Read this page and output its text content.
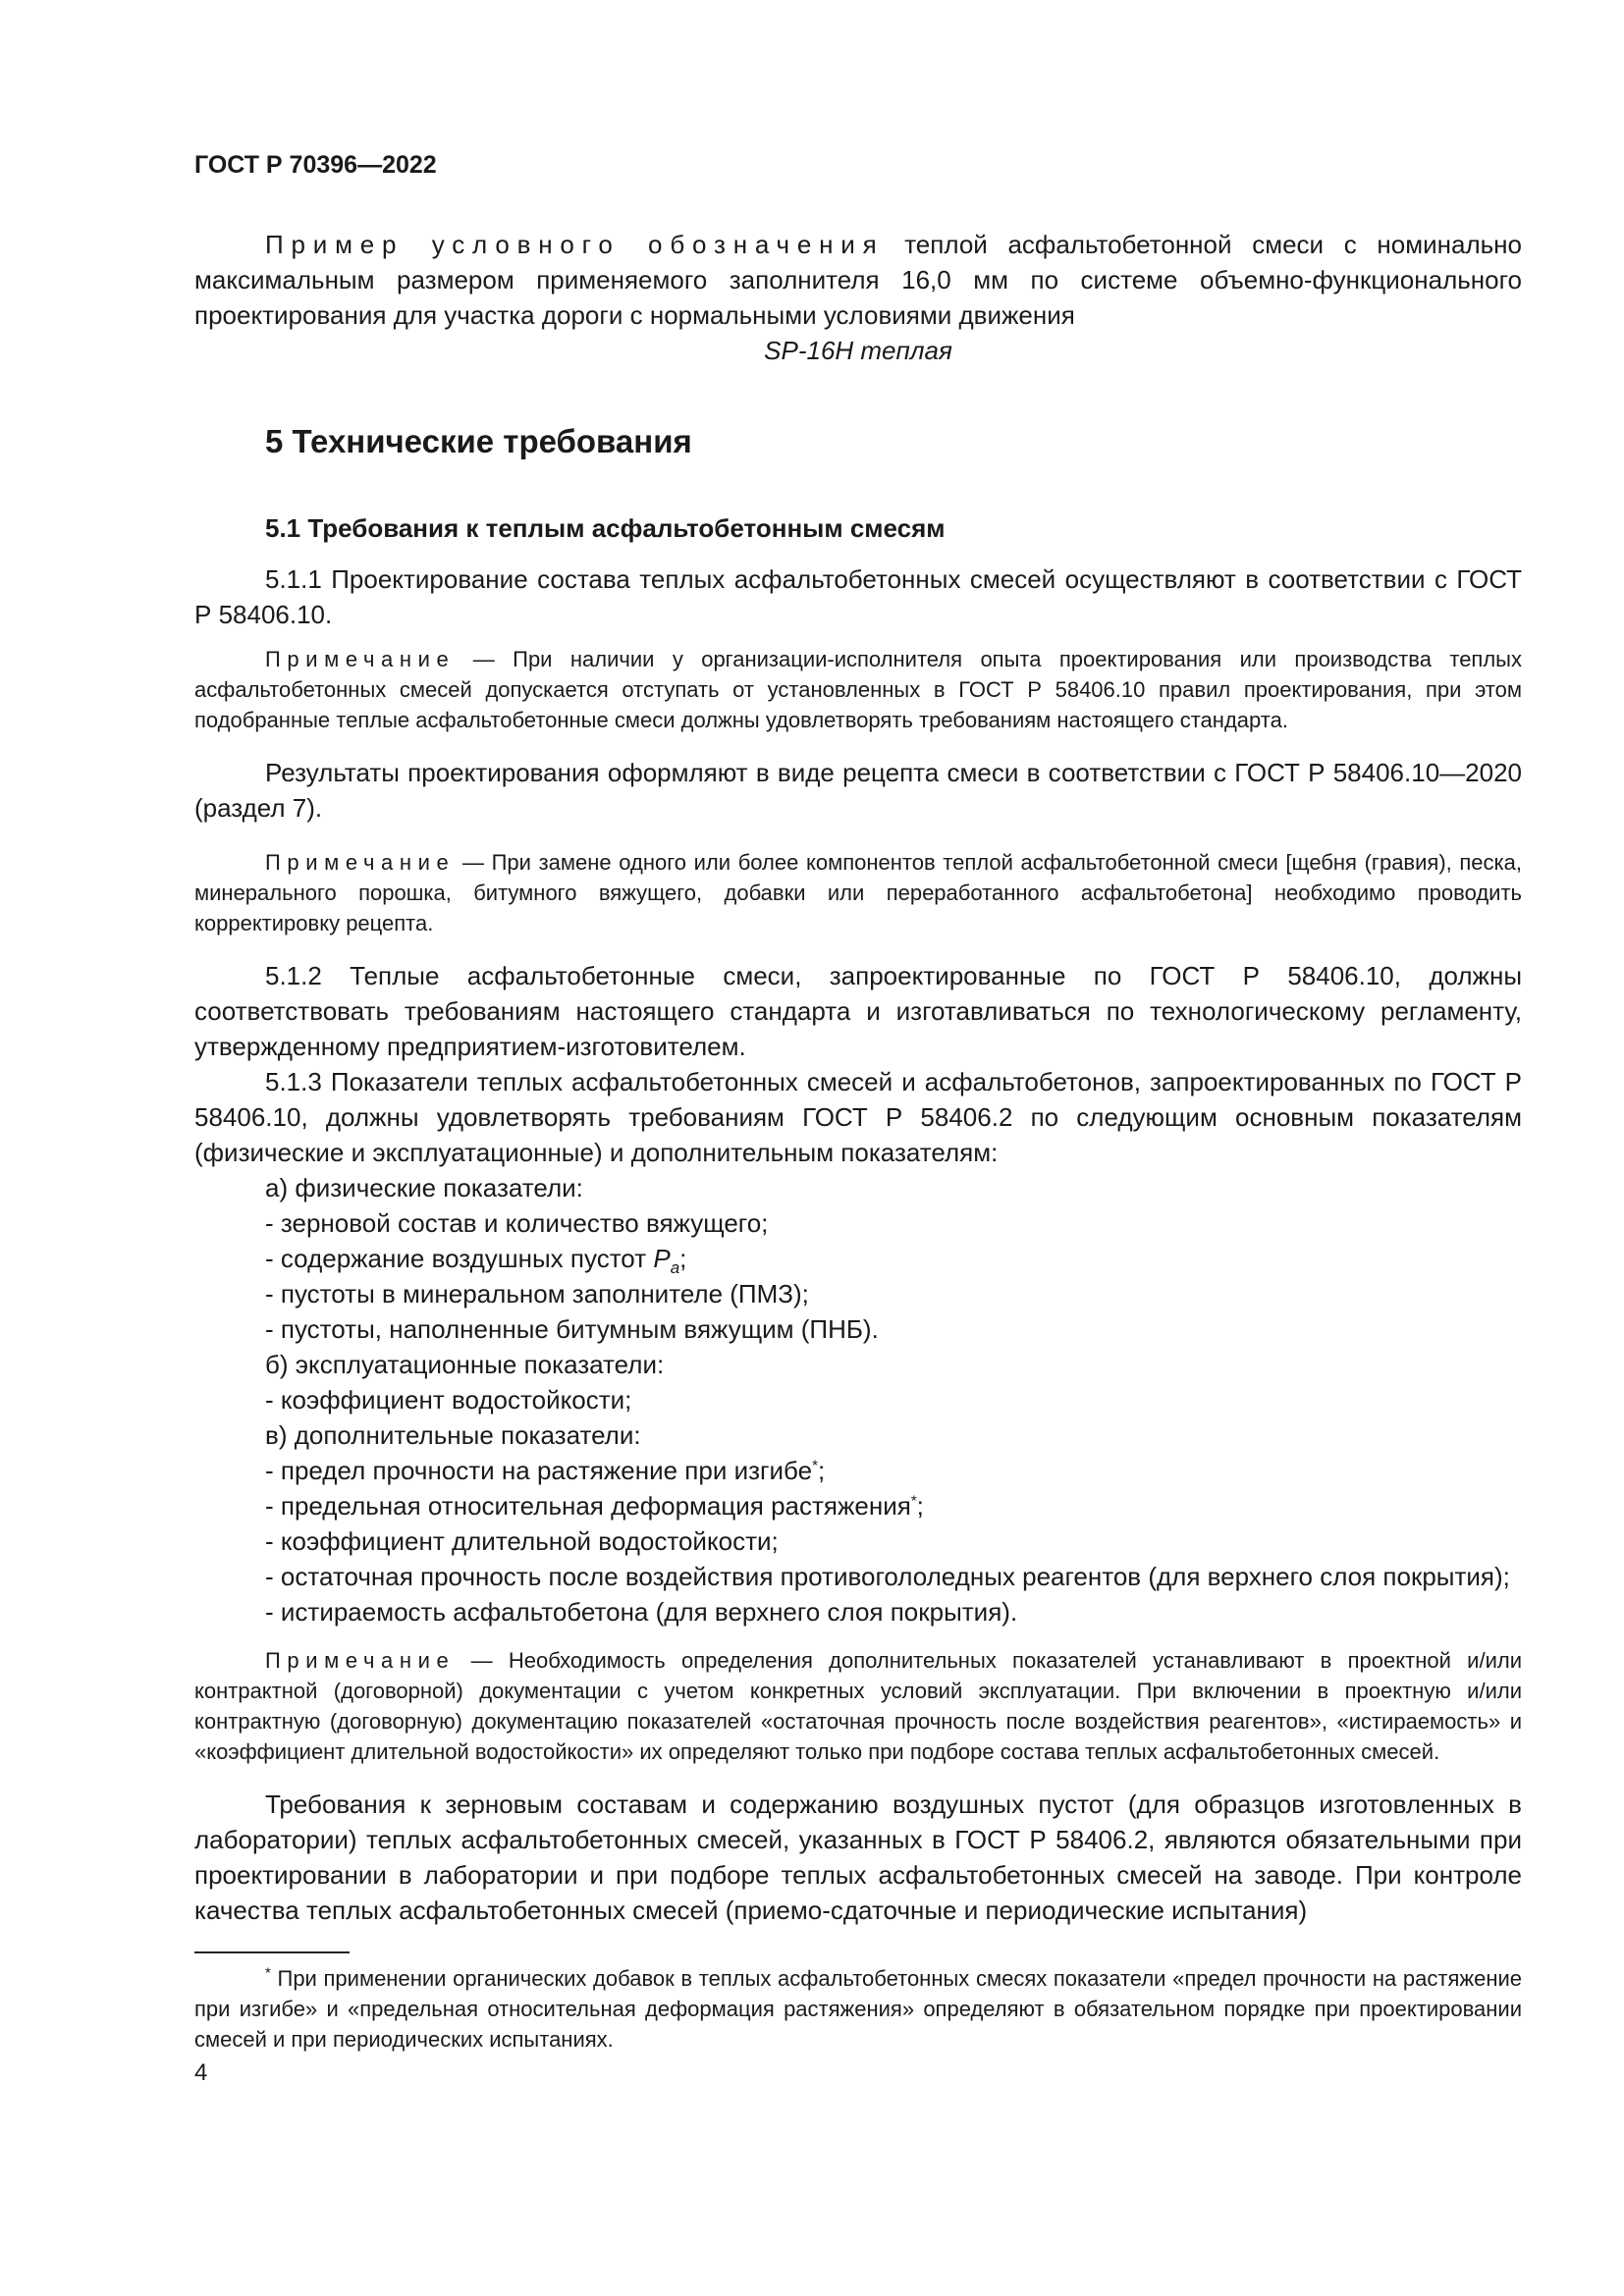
ГОСТ Р 70396—2022

Пример условного обозначения теплой асфальтобетонной смеси с номинально максимальным размером применяемого заполнителя 16,0 мм по системе объемно-функционального проектирования для участка дороги с нормальными условиями движения

SP-16Н теплая

5 Технические требования
5.1 Требования к теплым асфальтобетонным смесям

5.1.1 Проектирование состава теплых асфальтобетонных смесей осуществляют в соответствии с ГОСТ Р 58406.10.

Примечание — При наличии у организации-исполнителя опыта проектирования или производства теплых асфальтобетонных смесей допускается отступать от установленных в ГОСТ Р 58406.10 правил проектирования, при этом подобранные теплые асфальтобетонные смеси должны удовлетворять требованиям настоящего стандарта.

Результаты проектирования оформляют в виде рецепта смеси в соответствии с ГОСТ Р 58406.10—2020 (раздел 7).

Примечание — При замене одного или более компонентов теплой асфальтобетонной смеси [щебня (гравия), песка, минерального порошка, битумного вяжущего, добавки или переработанного асфальтобетона] необходимо проводить корректировку рецепта.

5.1.2 Теплые асфальтобетонные смеси, запроектированные по ГОСТ Р 58406.10, должны соответствовать требованиям настоящего стандарта и изготавливаться по технологическому регламенту, утвержденному предприятием-изготовителем.

5.1.3 Показатели теплых асфальтобетонных смесей и асфальтобетонов, запроектированных по ГОСТ Р 58406.10, должны удовлетворять требованиям ГОСТ Р 58406.2 по следующим основным показателям (физические и эксплуатационные) и дополнительным показателям:

а) физические показатели:
- зерновой состав и количество вяжущего;
- содержание воздушных пустот $P_a$;
- пустоты в минеральном заполнителе (ПМЗ);
- пустоты, наполненные битумным вяжущим (ПНБ).
б) эксплуатационные показатели:
- коэффициент водостойкости;
в) дополнительные показатели:
- предел прочности на растяжение при изгибе*;
- предельная относительная деформация растяжения*;
- коэффициент длительной водостойкости;
- остаточная прочность после воздействия противогололедных реагентов (для верхнего слоя покрытия);
- истираемость асфальтобетона (для верхнего слоя покрытия).

Примечание — Необходимость определения дополнительных показателей устанавливают в проектной и/или контрактной (договорной) документации с учетом конкретных условий эксплуатации. При включении в проектную и/или контрактную (договорную) документацию показателей «остаточная прочность после воздействия реагентов», «истираемость» и «коэффициент длительной водостойкости» их определяют только при подборе состава теплых асфальтобетонных смесей.

Требования к зерновым составам и содержанию воздушных пустот (для образцов изготовленных в лаборатории) теплых асфальтобетонных смесей, указанных в ГОСТ Р 58406.2, являются обязательными при проектировании в лаборатории и при подборе теплых асфальтобетонных смесей на заводе. При контроле качества теплых асфальтобетонных смесей (приемо-сдаточные и периодические испытания)

* При применении органических добавок в теплых асфальтобетонных смесях показатели «предел прочности на растяжение при изгибе» и «предельная относительная деформация растяжения» определяют в обязательном порядке при проектировании смесей и при периодических испытаниях.
4
